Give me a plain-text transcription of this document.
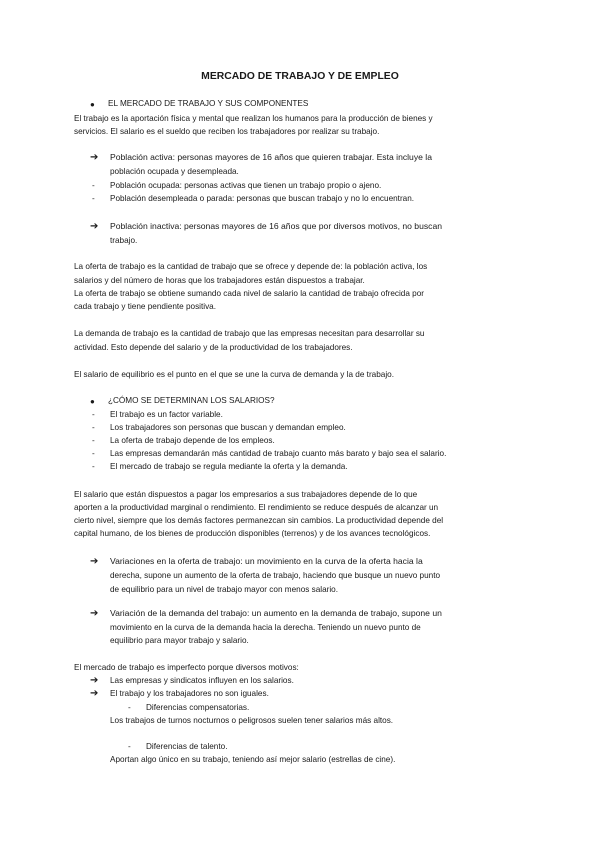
MERCADO DE TRABAJO Y DE EMPLEO
● EL MERCADO DE TRABAJO Y SUS COMPONENTES
El trabajo es la aportación física y mental que realizan los humanos para la producción de bienes y
servicios. El salario es el sueldo que reciben los trabajadores por realizar su trabajo.
➔ Población activa: personas mayores de 16 años que quieren trabajar. Esta incluye la
población ocupada y desempleada.
- Población ocupada: personas activas que tienen un trabajo propio o ajeno.
- Población desempleada o parada: personas que buscan trabajo y no lo encuentran.
➔ Población inactiva: personas mayores de 16 años que por diversos motivos, no buscan
trabajo.
La oferta de trabajo es la cantidad de trabajo que se ofrece y depende de: la población activa, los
salarios y del número de horas que los trabajadores están dispuestos a trabajar.
La oferta de trabajo se obtiene sumando cada nivel de salario la cantidad de trabajo ofrecida por
cada trabajo y tiene pendiente positiva.
La demanda de trabajo es la cantidad de trabajo que las empresas necesitan para desarrollar su
actividad. Esto depende del salario y de la productividad de los trabajadores.
El salario de equilibrio es el punto en el que se une la curva de demanda y la de trabajo.
● ¿CÓMO SE DETERMINAN LOS SALARIOS?
- El trabajo es un factor variable.
- Los trabajadores son personas que buscan y demandan empleo.
- La oferta de trabajo depende de los empleos.
- Las empresas demandarán más cantidad de trabajo cuanto más barato y bajo sea el salario.
- El mercado de trabajo se regula mediante la oferta y la demanda.
El salario que están dispuestos a pagar los empresarios a sus trabajadores depende de lo que
aporten a la productividad marginal o rendimiento. El rendimiento se reduce después de alcanzar un
cierto nivel, siempre que los demás factores permanezcan sin cambios. La productividad depende del
capital humano, de los bienes de producción disponibles (terrenos) y de los avances tecnológicos.
➔ Variaciones en la oferta de trabajo: un movimiento en la curva de la oferta hacia la
derecha, supone un aumento de la oferta de trabajo, haciendo que busque un nuevo punto
de equilibrio para un nivel de trabajo mayor con menos salario.
➔ Variación de la demanda del trabajo: un aumento en la demanda de trabajo, supone un
movimiento en la curva de la demanda hacia la derecha. Teniendo un nuevo punto de
equilibrio para mayor trabajo y salario.
El mercado de trabajo es imperfecto porque diversos motivos:
➔ Las empresas y sindicatos influyen en los salarios.
➔ El trabajo y los trabajadores no son iguales.
- Diferencias compensatorias.
Los trabajos de turnos nocturnos o peligrosos suelen tener salarios más altos.
- Diferencias de talento.
Aportan algo único en su trabajo, teniendo así mejor salario (estrellas de cine).
